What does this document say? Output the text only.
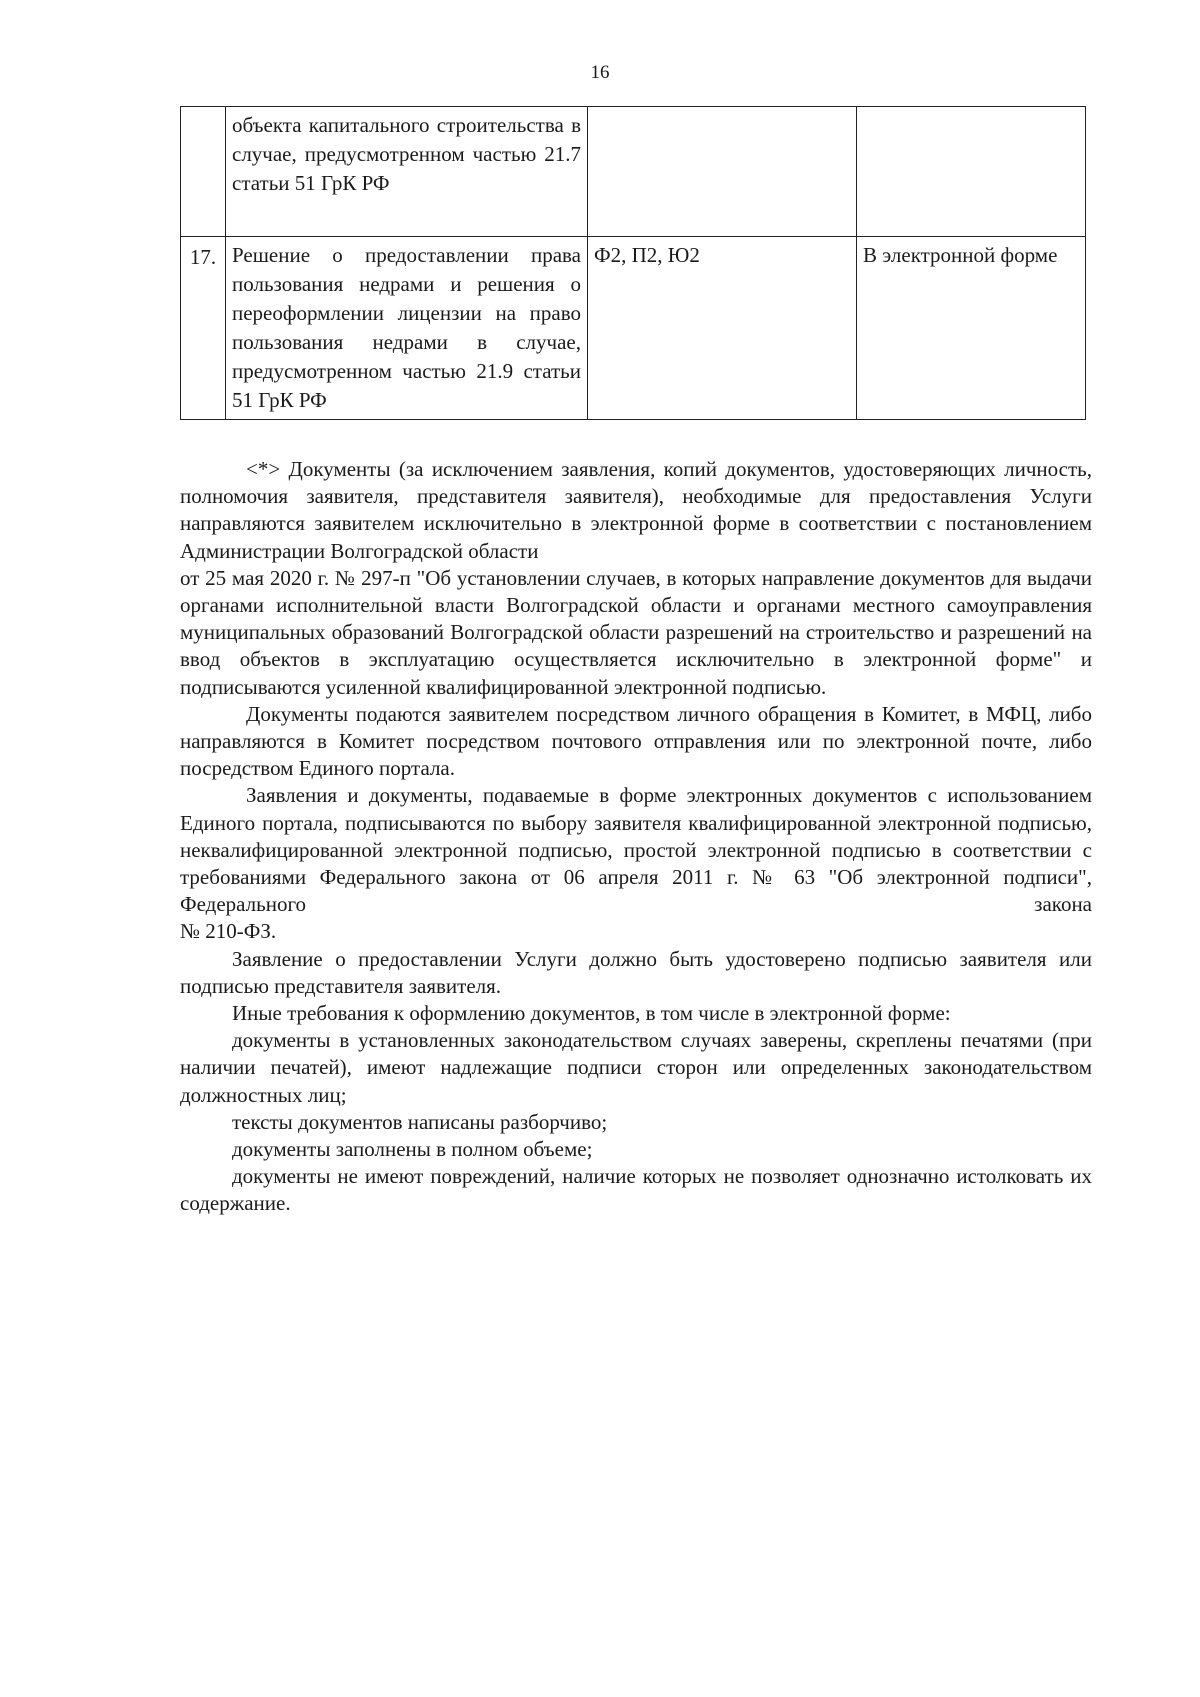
16
	объекта капитального строительства в случае, предусмотренном частью 21.7 статьи 51 ГрК РФ		

17.	Решение о предоставлении права пользования недрами и решения о переоформлении лицензии на право пользования недрами в случае, предусмотренном частью 21.9 статьи 51 ГрК РФ	Ф2, П2, Ю2	В электронной форме

<*> Документы (за исключением заявления, копий документов, удостоверяющих личность, полномочия заявителя, представителя заявителя), необходимые для предоставления Услуги направляются заявителем исключительно в электронной форме в соответствии с постановлением Администрации Волгоградской области

от 25 мая 2020 г. № 297-п "Об установлении случаев, в которых направление документов для выдачи органами исполнительной власти Волгоградской области и органами местного самоуправления муниципальных образований Волгоградской области разрешений на строительство и разрешений на ввод объектов в эксплуатацию осуществляется исключительно в электронной форме" и подписываются усиленной квалифицированной электронной подписью.

Документы подаются заявителем посредством личного обращения в Комитет, в МФЦ, либо направляются в Комитет посредством почтового отправления или по электронной почте, либо посредством Единого портала.

Заявления и документы, подаваемые в форме электронных документов с использованием Единого портала, подписываются по выбору заявителя квалифицированной электронной подписью, неквалифицированной электронной подписью, простой электронной подписью в соответствии с требованиями Федерального закона от 06 апреля 2011 г. № 63 "Об электронной подписи", Федерального закона

№ 210-ФЗ.

Заявление о предоставлении Услуги должно быть удостоверено подписью заявителя или подписью представителя заявителя.

Иные требования к оформлению документов, в том числе в электронной форме:

документы в установленных законодательством случаях заверены, скреплены печатями (при наличии печатей), имеют надлежащие подписи сторон или определенных законодательством должностных лиц;

тексты документов написаны разборчиво;

документы заполнены в полном объеме;

документы не имеют повреждений, наличие которых не позволяет однозначно истолковать их содержание.
